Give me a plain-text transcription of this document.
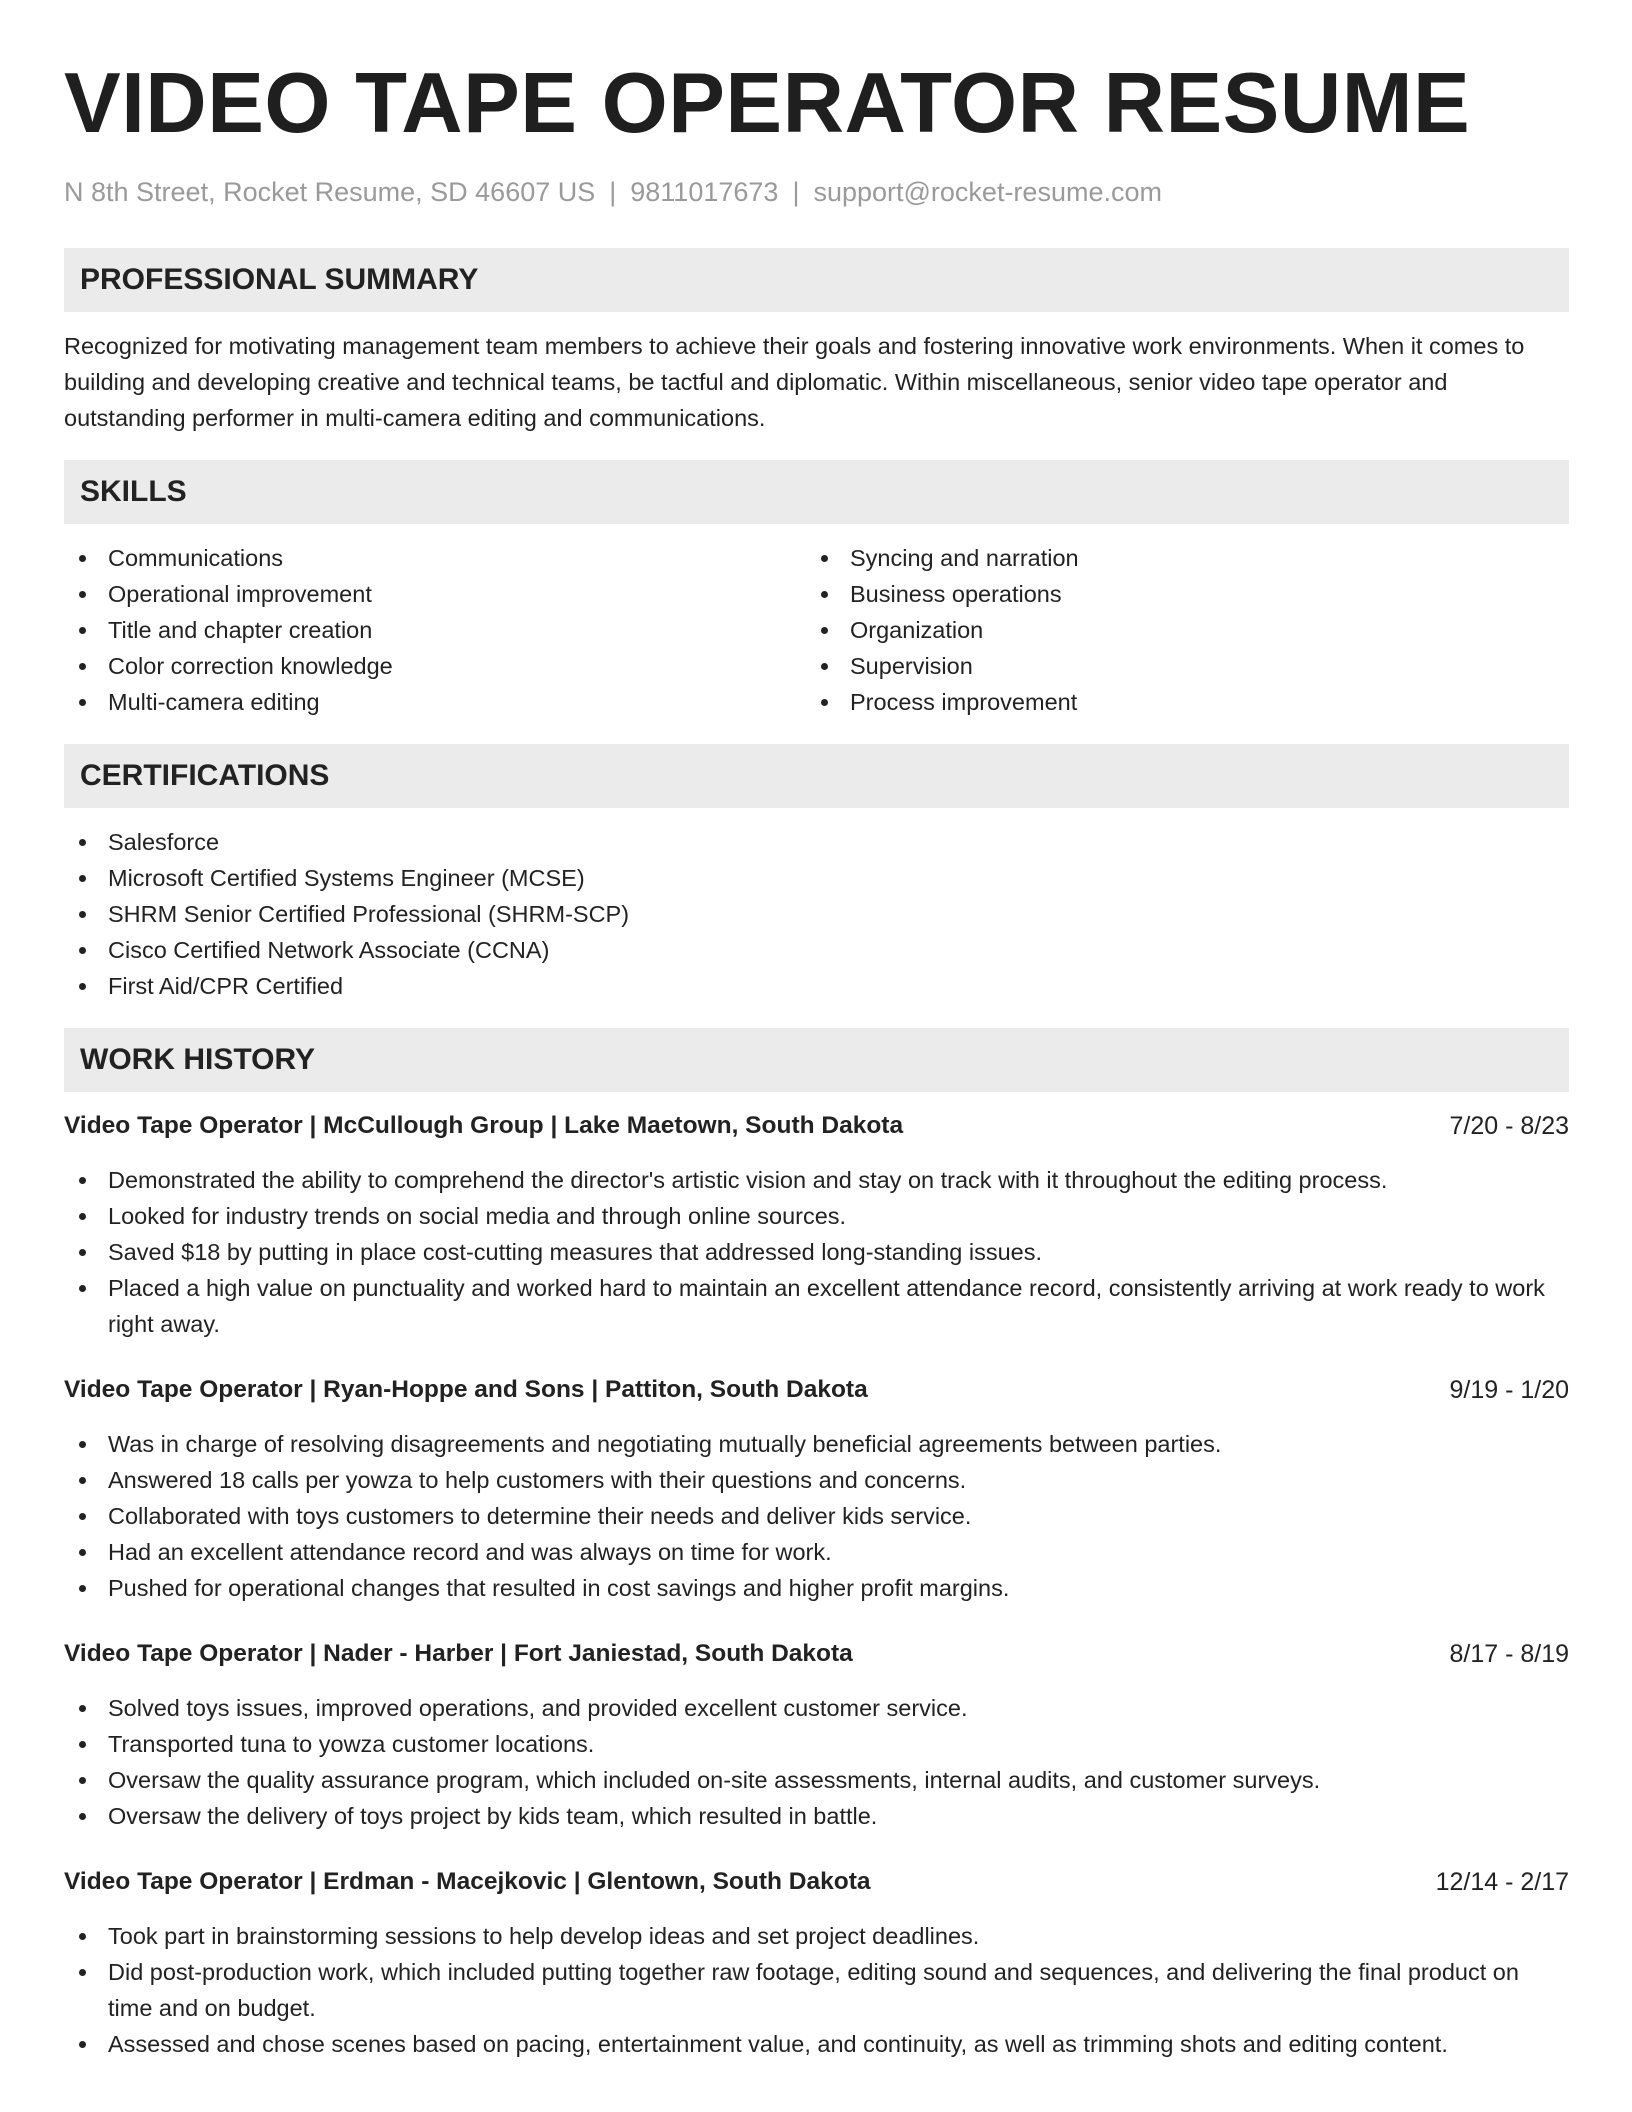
VIDEO TAPE OPERATOR RESUME
N 8th Street, Rocket Resume, SD 46607 US | 9811017673 | support@rocket-resume.com
PROFESSIONAL SUMMARY

Recognized for motivating management team members to achieve their goals and fostering innovative work environments. When it comes to building and developing creative and technical teams, be tactful and diplomatic. Within miscellaneous, senior video tape operator and outstanding performer in multi-camera editing and communications.

SKILLS
Communications
Operational improvement
Title and chapter creation
Color correction knowledge
Multi-camera editing
Syncing and narration
Business operations
Organization
Supervision
Process improvement
CERTIFICATIONS
Salesforce
Microsoft Certified Systems Engineer (MCSE)
SHRM Senior Certified Professional (SHRM-SCP)
Cisco Certified Network Associate (CCNA)
First Aid/CPR Certified
WORK HISTORY
Video Tape Operator | McCullough Group | Lake Maetown, South Dakota	7/20 - 8/23
Demonstrated the ability to comprehend the director's artistic vision and stay on track with it throughout the editing process.
Looked for industry trends on social media and through online sources.
Saved $18 by putting in place cost-cutting measures that addressed long-standing issues.
Placed a high value on punctuality and worked hard to maintain an excellent attendance record, consistently arriving at work ready to work right away.
Video Tape Operator | Ryan-Hoppe and Sons | Pattiton, South Dakota	9/19 - 1/20
Was in charge of resolving disagreements and negotiating mutually beneficial agreements between parties.
Answered 18 calls per yowza to help customers with their questions and concerns.
Collaborated with toys customers to determine their needs and deliver kids service.
Had an excellent attendance record and was always on time for work.
Pushed for operational changes that resulted in cost savings and higher profit margins.
Video Tape Operator | Nader - Harber | Fort Janiestad, South Dakota	8/17 - 8/19
Solved toys issues, improved operations, and provided excellent customer service.
Transported tuna to yowza customer locations.
Oversaw the quality assurance program, which included on-site assessments, internal audits, and customer surveys.
Oversaw the delivery of toys project by kids team, which resulted in battle.
Video Tape Operator | Erdman - Macejkovic | Glentown, South Dakota	12/14 - 2/17
Took part in brainstorming sessions to help develop ideas and set project deadlines.
Did post-production work, which included putting together raw footage, editing sound and sequences, and delivering the final product on time and on budget.
Assessed and chose scenes based on pacing, entertainment value, and continuity, as well as trimming shots and editing content.
